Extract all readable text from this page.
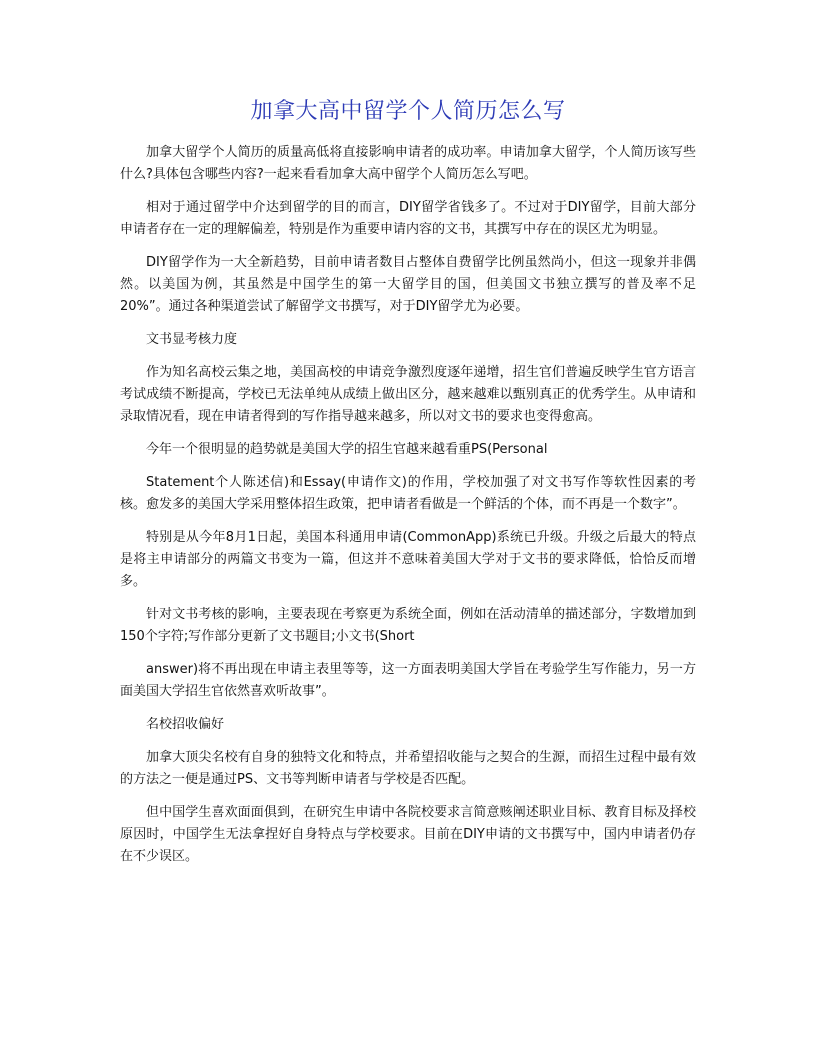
加拿大高中留学个人简历怎么写

加拿大留学个人简历的质量高低将直接影响申请者的成功率。申请加拿大留学，个人简历该写些什么?具体包含哪些内容?一起来看看加拿大高中留学个人简历怎么写吧。

相对于通过留学中介达到留学的目的而言，DIY留学省钱多了。不过对于DIY留学，目前大部分申请者存在一定的理解偏差，特别是作为重要申请内容的文书，其撰写中存在的误区尤为明显。

DIY留学作为一大全新趋势，目前申请者数目占整体自费留学比例虽然尚小，但这一现象并非偶然。以美国为例，其虽然是中国学生的第一大留学目的国，但美国文书独立撰写的普及率不足20%”。通过各种渠道尝试了解留学文书撰写，对于DIY留学尤为必要。

文书显考核力度

作为知名高校云集之地，美国高校的申请竞争激烈度逐年递增，招生官们普遍反映学生官方语言考试成绩不断提高，学校已无法单纯从成绩上做出区分，越来越难以甄别真正的优秀学生。从申请和录取情况看，现在申请者得到的写作指导越来越多，所以对文书的要求也变得愈高。

今年一个很明显的趋势就是美国大学的招生官越来越看重PS(Personal

Statement个人陈述信)和Essay(申请作文)的作用，学校加强了对文书写作等软性因素的考核。愈发多的美国大学采用整体招生政策，把申请者看做是一个鲜活的个体，而不再是一个数字”。

特别是从今年8月1日起，美国本科通用申请(CommonApp)系统已升级。升级之后最大的特点是将主申请部分的两篇文书变为一篇，但这并不意味着美国大学对于文书的要求降低，恰恰反而增多。

针对文书考核的影响，主要表现在考察更为系统全面，例如在活动清单的描述部分，字数增加到150个字符;写作部分更新了文书题目;小文书(Short

answer)将不再出现在申请主表里等等，这一方面表明美国大学旨在考验学生写作能力，另一方面美国大学招生官依然喜欢听故事”。

名校招收偏好

加拿大顶尖名校有自身的独特文化和特点，并希望招收能与之契合的生源，而招生过程中最有效的方法之一便是通过PS、文书等判断申请者与学校是否匹配。

但中国学生喜欢面面俱到，在研究生申请中各院校要求言简意赅阐述职业目标、教育目标及择校原因时，中国学生无法拿捏好自身特点与学校要求。目前在DIY申请的文书撰写中，国内申请者仍存在不少误区。
